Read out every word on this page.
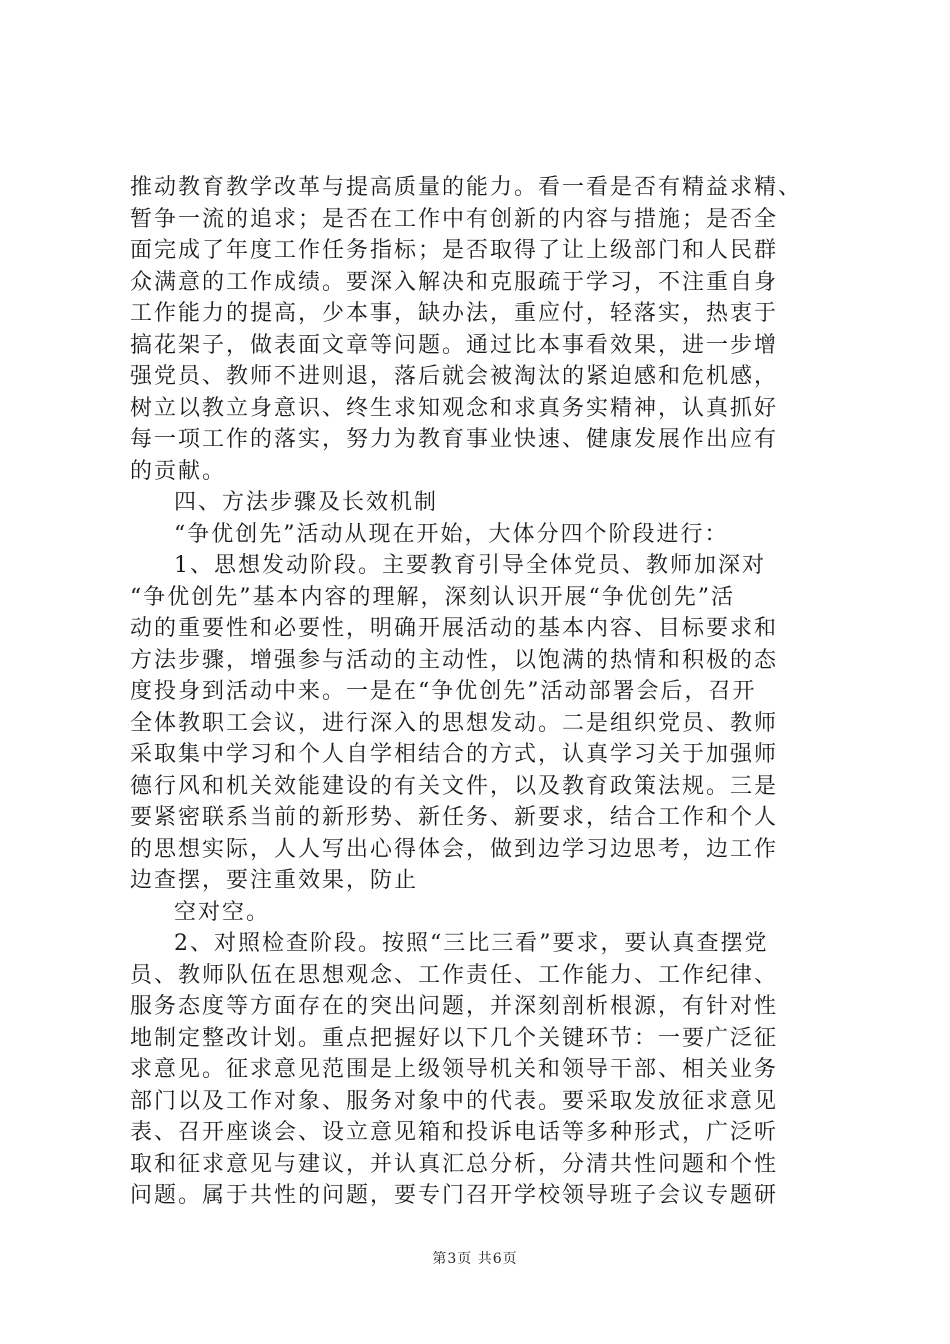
推动教育教学改革与提高质量的能力。看一看是否有精益求精、
暂争一流的追求；是否在工作中有创新的内容与措施；是否全
面完成了年度工作任务指标；是否取得了让上级部门和人民群
众满意的工作成绩。要深入解决和克服疏于学习，不注重自身
工作能力的提高，少本事，缺办法，重应付，轻落实，热衷于
搞花架子，做表面文章等问题。通过比本事看效果，进一步增
强党员、教师不进则退，落后就会被淘汰的紧迫感和危机感，
树立以教立身意识、终生求知观念和求真务实精神，认真抓好
每一项工作的落实，努力为教育事业快速、健康发展作出应有
的贡献。
四、方法步骤及长效机制
“争优创先”活动从现在开始，大体分四个阶段进行：
1、思想发动阶段。主要教育引导全体党员、教师加深对
“争优创先”基本内容的理解，深刻认识开展“争优创先”活
动的重要性和必要性，明确开展活动的基本内容、目标要求和
方法步骤，增强参与活动的主动性，以饱满的热情和积极的态
度投身到活动中来。一是在“争优创先”活动部署会后，召开
全体教职工会议，进行深入的思想发动。二是组织党员、教师
采取集中学习和个人自学相结合的方式，认真学习关于加强师
德行风和机关效能建设的有关文件，以及教育政策法规。三是
要紧密联系当前的新形势、新任务、新要求，结合工作和个人
的思想实际，人人写出心得体会，做到边学习边思考，边工作
边查摆，要注重效果，防止
空对空。
2、对照检查阶段。按照“三比三看”要求，要认真查摆党
员、教师队伍在思想观念、工作责任、工作能力、工作纪律、
服务态度等方面存在的突出问题，并深刻剖析根源，有针对性
地制定整改计划。重点把握好以下几个关键环节：一要广泛征
求意见。征求意见范围是上级领导机关和领导干部、相关业务
部门以及工作对象、服务对象中的代表。要采取发放征求意见
表、召开座谈会、设立意见箱和投诉电话等多种形式，广泛听
取和征求意见与建议，并认真汇总分析，分清共性问题和个性
问题。属于共性的问题，要专门召开学校领导班子会议专题研
第3页 共6页
